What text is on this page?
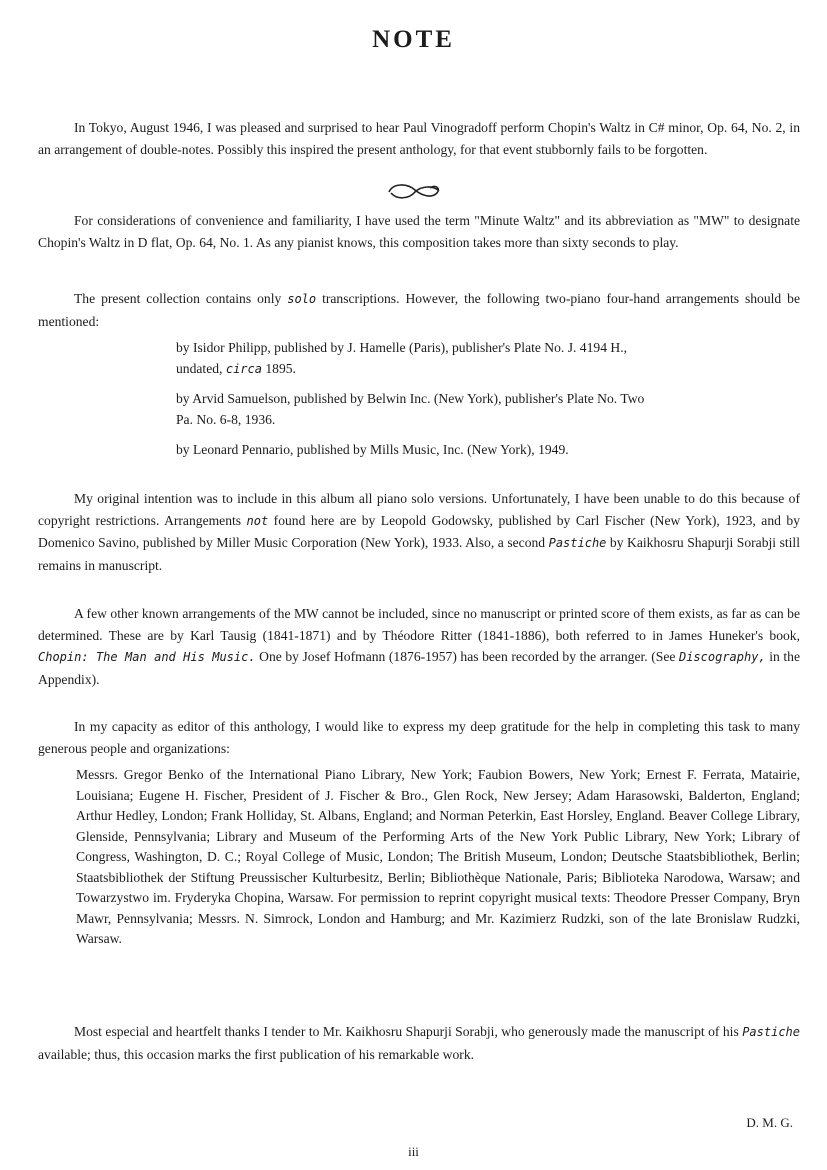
NOTE

In Tokyo, August 1946, I was pleased and surprised to hear Paul Vinogradoff perform Chopin's Waltz in C# minor, Op. 64, No. 2, in an arrangement of double-notes. Possibly this inspired the present anthology, for that event stubbornly fails to be forgotten.

For considerations of convenience and familiarity, I have used the term "Minute Waltz" and its abbreviation as "MW" to designate Chopin's Waltz in D flat, Op. 64, No. 1. As any pianist knows, this composition takes more than sixty seconds to play.

The present collection contains only solo transcriptions. However, the following two-piano four-hand arrangements should be mentioned:

by Isidor Philipp, published by J. Hamelle (Paris), publisher's Plate No. J. 4194 H., undated, circa 1895.

by Arvid Samuelson, published by Belwin Inc. (New York), publisher's Plate No. Two Pa. No. 6-8, 1936.

by Leonard Pennario, published by Mills Music, Inc. (New York), 1949.

My original intention was to include in this album all piano solo versions. Unfortunately, I have been unable to do this because of copyright restrictions. Arrangements not found here are by Leopold Godowsky, published by Carl Fischer (New York), 1923, and by Domenico Savino, published by Miller Music Corporation (New York), 1933. Also, a second Pastiche by Kaikhosru Shapurji Sorabji still remains in manuscript.

A few other known arrangements of the MW cannot be included, since no manuscript or printed score of them exists, as far as can be determined. These are by Karl Tausig (1841-1871) and by Théodore Ritter (1841-1886), both referred to in James Huneker's book, Chopin: The Man and His Music. One by Josef Hofmann (1876-1957) has been recorded by the arranger. (See Discography, in the Appendix).

In my capacity as editor of this anthology, I would like to express my deep gratitude for the help in completing this task to many generous people and organizations:

Messrs. Gregor Benko of the International Piano Library, New York; Faubion Bowers, New York; Ernest F. Ferrata, Matairie, Louisiana; Eugene H. Fischer, President of J. Fischer & Bro., Glen Rock, New Jersey; Adam Harasowski, Balderton, England; Arthur Hedley, London; Frank Holliday, St. Albans, England; and Norman Peterkin, East Horsley, England. Beaver College Library, Glenside, Pennsylvania; Library and Museum of the Performing Arts of the New York Public Library, New York; Library of Congress, Washington, D. C.; Royal College of Music, London; The British Museum, London; Deutsche Staatsbibliothek, Berlin; Staatsbibliothek der Stiftung Preussischer Kulturbesitz, Berlin; Bibliothèque Nationale, Paris; Biblioteka Narodowa, Warsaw; and Towarzystwo im. Fryderyka Chopina, Warsaw. For permission to reprint copyright musical texts: Theodore Presser Company, Bryn Mawr, Pennsylvania; Messrs. N. Simrock, London and Hamburg; and Mr. Kazimierz Rudzki, son of the late Bronislaw Rudzki, Warsaw.

Most especial and heartfelt thanks I tender to Mr. Kaikhosru Shapurji Sorabji, who generously made the manuscript of his Pastiche available; thus, this occasion marks the first publication of his remarkable work.

D. M. G.
iii
